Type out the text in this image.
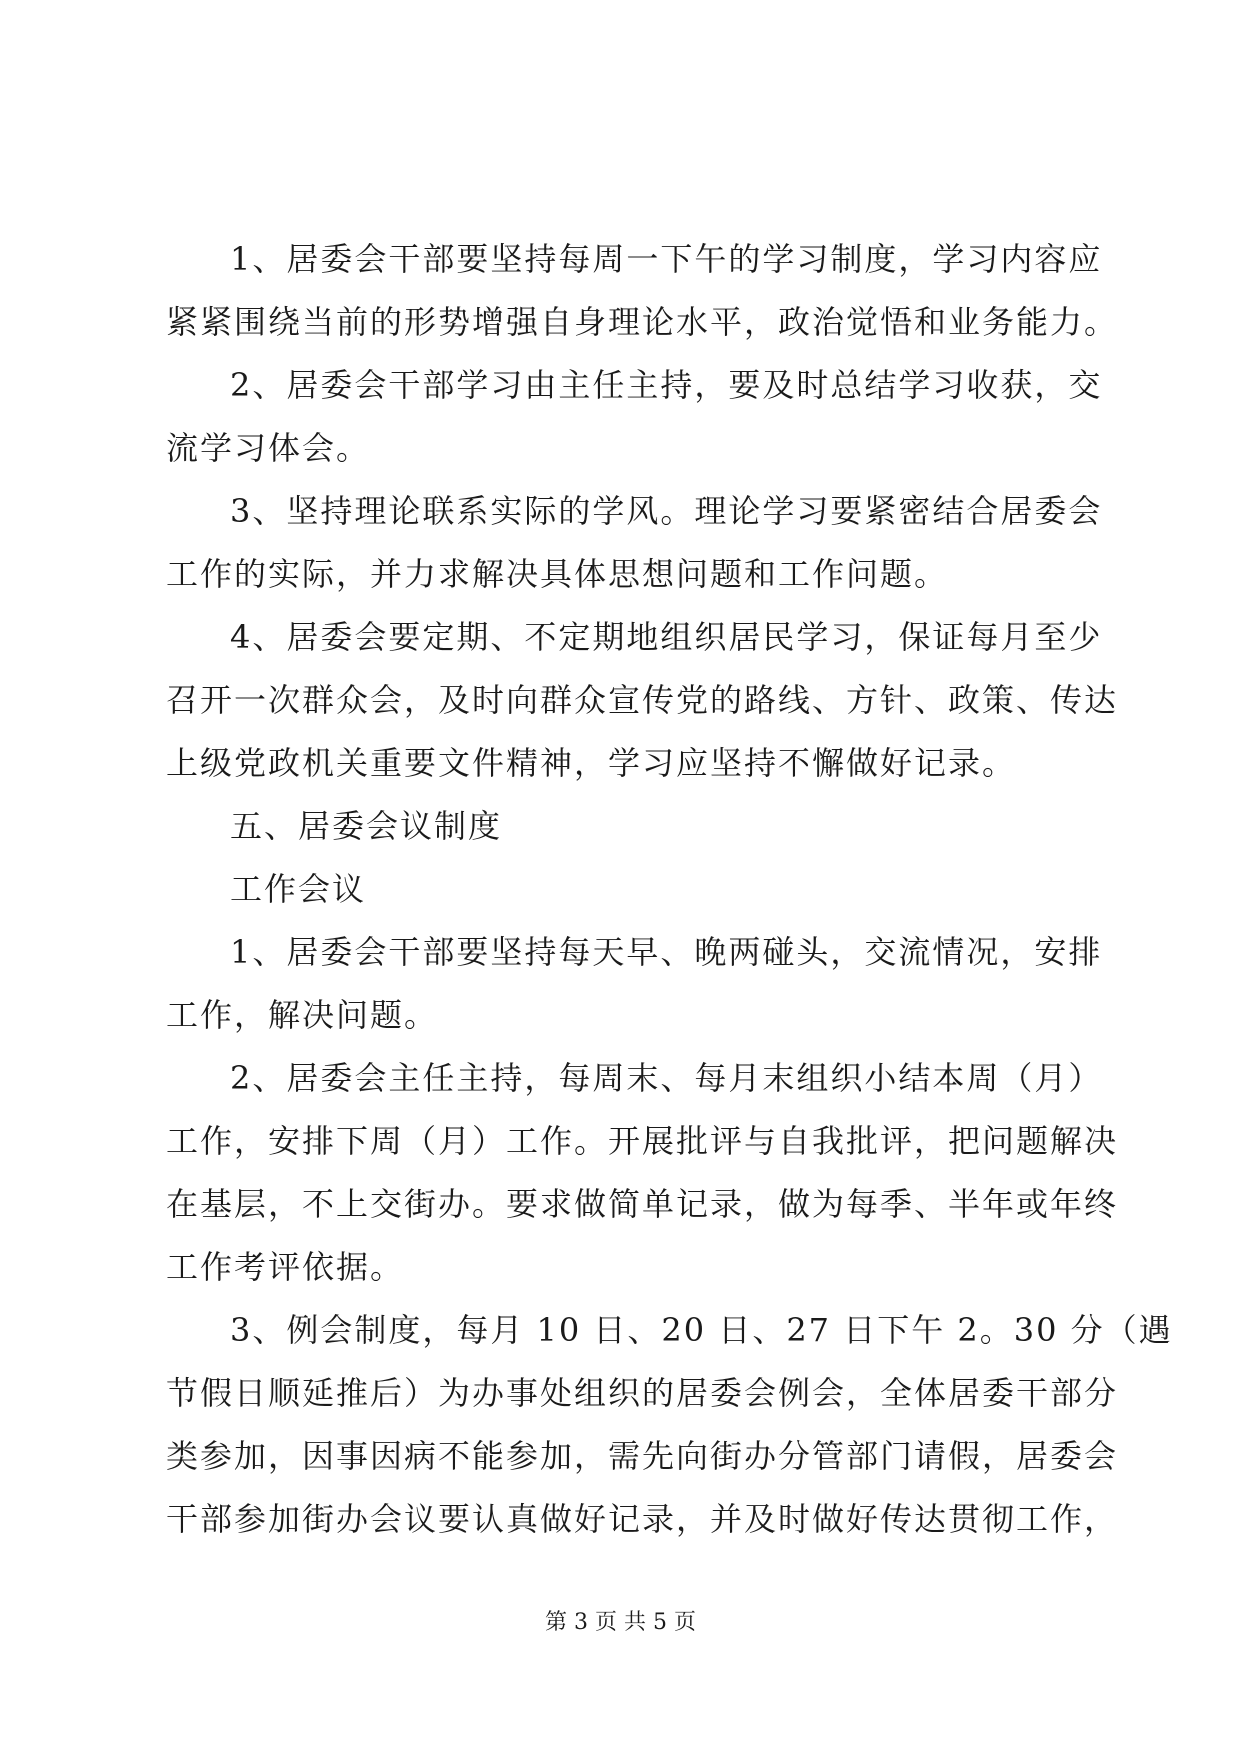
1、居委会干部要坚持每周一下午的学习制度，学习内容应
紧紧围绕当前的形势增强自身理论水平，政治觉悟和业务能力。
2、居委会干部学习由主任主持，要及时总结学习收获，交
流学习体会。
3、坚持理论联系实际的学风。理论学习要紧密结合居委会
工作的实际，并力求解决具体思想问题和工作问题。
4、居委会要定期、不定期地组织居民学习，保证每月至少
召开一次群众会，及时向群众宣传党的路线、方针、政策、传达
上级党政机关重要文件精神，学习应坚持不懈做好记录。
五、居委会议制度
工作会议
1、居委会干部要坚持每天早、晚两碰头，交流情况，安排
工作，解决问题。
2、居委会主任主持，每周末、每月末组织小结本周（月）
工作，安排下周（月）工作。开展批评与自我批评，把问题解决
在基层，不上交街办。要求做简单记录，做为每季、半年或年终
工作考评依据。
3、例会制度，每月 10 日、20 日、27 日下午 2。30 分（遇
节假日顺延推后）为办事处组织的居委会例会，全体居委干部分
类参加，因事因病不能参加，需先向街办分管部门请假，居委会
干部参加街办会议要认真做好记录，并及时做好传达贯彻工作，
第 3 页 共 5 页
